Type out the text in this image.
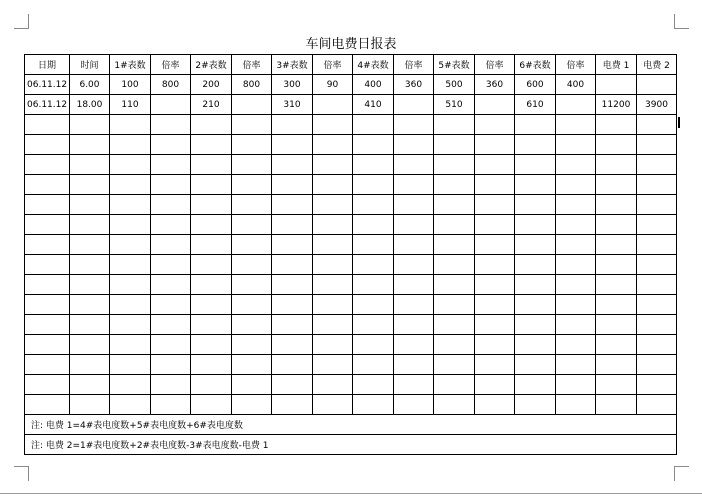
车间电费日报表
日期	时间	1#表数	倍率	2#表数	倍率	3#表数	倍率	4#表数	倍率	5#表数	倍率	6#表数	倍率	电费 1	电费 2
06.11.12	6.00	100	800	200	800	300	90	400	360	500	360	600	400		
06.11.12	18.00	110		210		310		410		510		610		11200	3900

注: 电费 1=4#表电度数+5#表电度数+6#表电度数															
注: 电费 2=1#表电度数+2#表电度数-3#表电度数-电费 1															
